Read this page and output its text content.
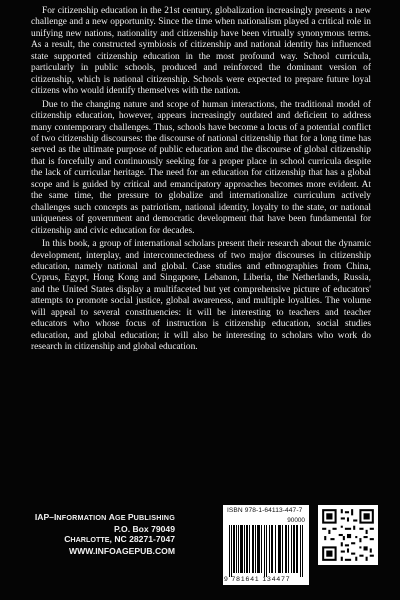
For citizenship education in the 21st century, globalization increasingly presents a new challenge and a new opportunity. Since the time when nationalism played a critical role in unifying new nations, nationality and citizenship have been virtually synonymous terms. As a result, the constructed symbiosis of citizenship and national identity has influenced state supported citizenship education in the most profound way. School curricula, particularly in public schools, produced and reinforced the dominant version of citizenship, which is national citizenship. Schools were expected to prepare future loyal citizens who would identify themselves with the nation.

Due to the changing nature and scope of human interactions, the traditional model of citizenship education, however, appears increasingly outdated and deficient to address many contemporary challenges. Thus, schools have become a locus of a potential conflict of two citizenship discourses: the discourse of national citizenship that for a long time has served as the ultimate purpose of public education and the discourse of global citizenship that is forcefully and continuously seeking for a proper place in school curricula despite the lack of curricular heritage. The need for an education for citizenship that has a global scope and is guided by critical and emancipatory approaches becomes more evident. At the same time, the pressure to globalize and internationalize curriculum actively challenges such concepts as patriotism, national identity, loyalty to the state, or national uniqueness of government and democratic development that have been fundamental for citizenship and civic education for decades.

In this book, a group of international scholars present their research about the dynamic development, interplay, and interconnectedness of two major discourses in citizenship education, namely national and global. Case studies and ethnographies from China, Cyprus, Egypt, Hong Kong and Singapore, Lebanon, Liberia, the Netherlands, Russia, and the United States display a multifaceted but yet comprehensive picture of educators' attempts to promote social justice, global awareness, and multiple loyalties. The volume will appeal to several constituencies: it will be interesting to teachers and teacher educators who whose focus of instruction is citizenship education, social studies education, and global education; it will also be interesting to scholars who work do research in citizenship and global education.

IAP–INFORMATION AGE PUBLISHING
P.O. Box 79049
CHARLOTTE, NC 28271-7047
WWW.INFOAGEPUB.COM
ISBN 978-1-64113-447-7
90000
9 781641 134477
